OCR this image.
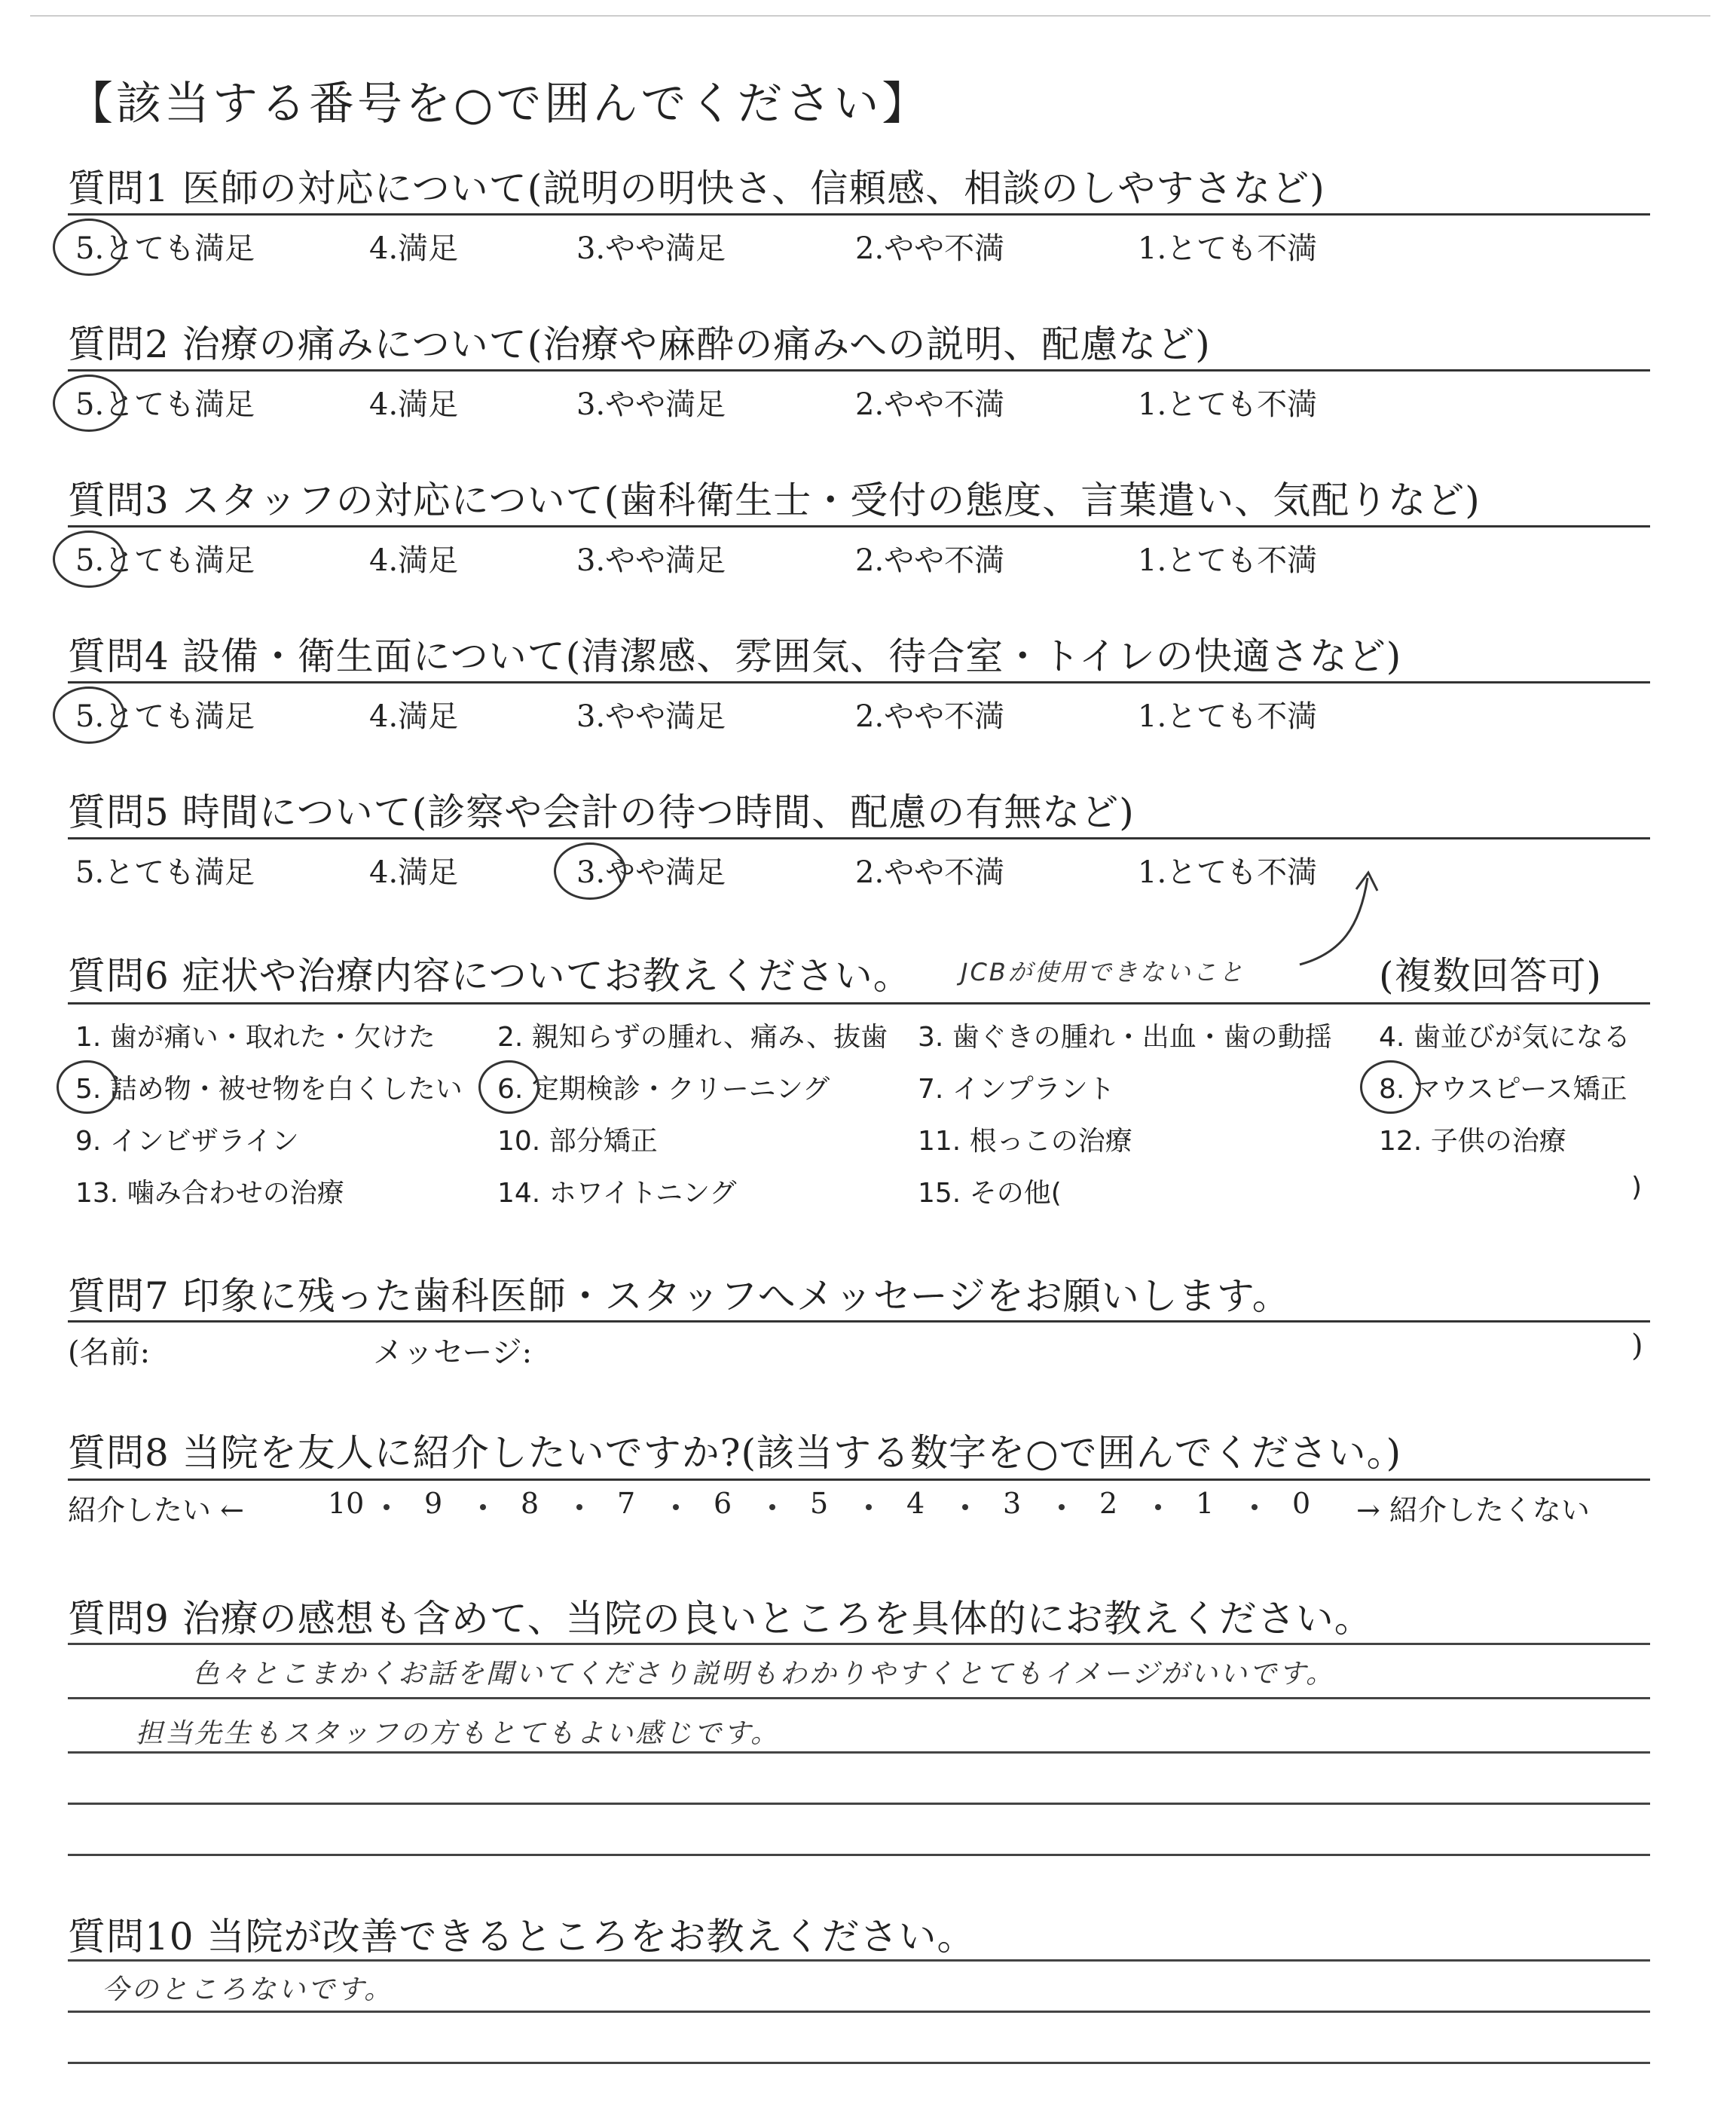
【該当する番号を○で囲んでください】
質問1 医師の対応について(説明の明快さ、信頼感、相談のしやすさなど)
5.とても満足	4.満足	3.やや満足	2.やや不満	1.とても不満
質問2 治療の痛みについて(治療や麻酔の痛みへの説明、配慮など)
5.とても満足	4.満足	3.やや満足	2.やや不満	1.とても不満
質問3 スタッフの対応について(歯科衛生士・受付の態度、言葉遣い、気配りなど)
5.とても満足	4.満足	3.やや満足	2.やや不満	1.とても不満
質問4 設備・衛生面について(清潔感、雰囲気、待合室・トイレの快適さなど)
5.とても満足	4.満足	3.やや満足	2.やや不満	1.とても不満
質問5 時間について(診察や会計の待つ時間、配慮の有無など)
5.とても満足	4.満足	3.やや満足	2.やや不満	1.とても不満
質問6 症状や治療内容についてお教えください。 JCBが使用できないこと	(複数回答可)
1. 歯が痛い・取れた・欠けた 2. 親知らずの腫れ、痛み、抜歯 3. 歯ぐきの腫れ・出血・歯の動揺 4. 歯並びが気になる
5. 詰め物・被せ物を白くしたい 6. 定期検診・クリーニング	7. インプラント	8. マウスピース矯正
9. インビザライン	10. 部分矯正	11. 根っこの治療	12. 子供の治療
13. 噛み合わせの治療	14. ホワイトニング	15. その他(	)
質問7 印象に残った歯科医師・スタッフへメッセージをお願いします。
(名前:	メッセージ:	)
質問8 当院を友人に紹介したいですか?(該当する数字を○で囲んでください。)
紹介したい ←	10 9	8	7	6	5	4	3	2	1	0 → 紹介したくない
質問9 治療の感想も含めて、当院の良いところを具体的にお教えください。
色々とこまかくお話を聞いてくださり説明もわかりやすくとてもイメージがいいです。
担当先生もスタッフの方もとてもよい感じです。
質問10 当院が改善できるところをお教えください。
今のところないです。
